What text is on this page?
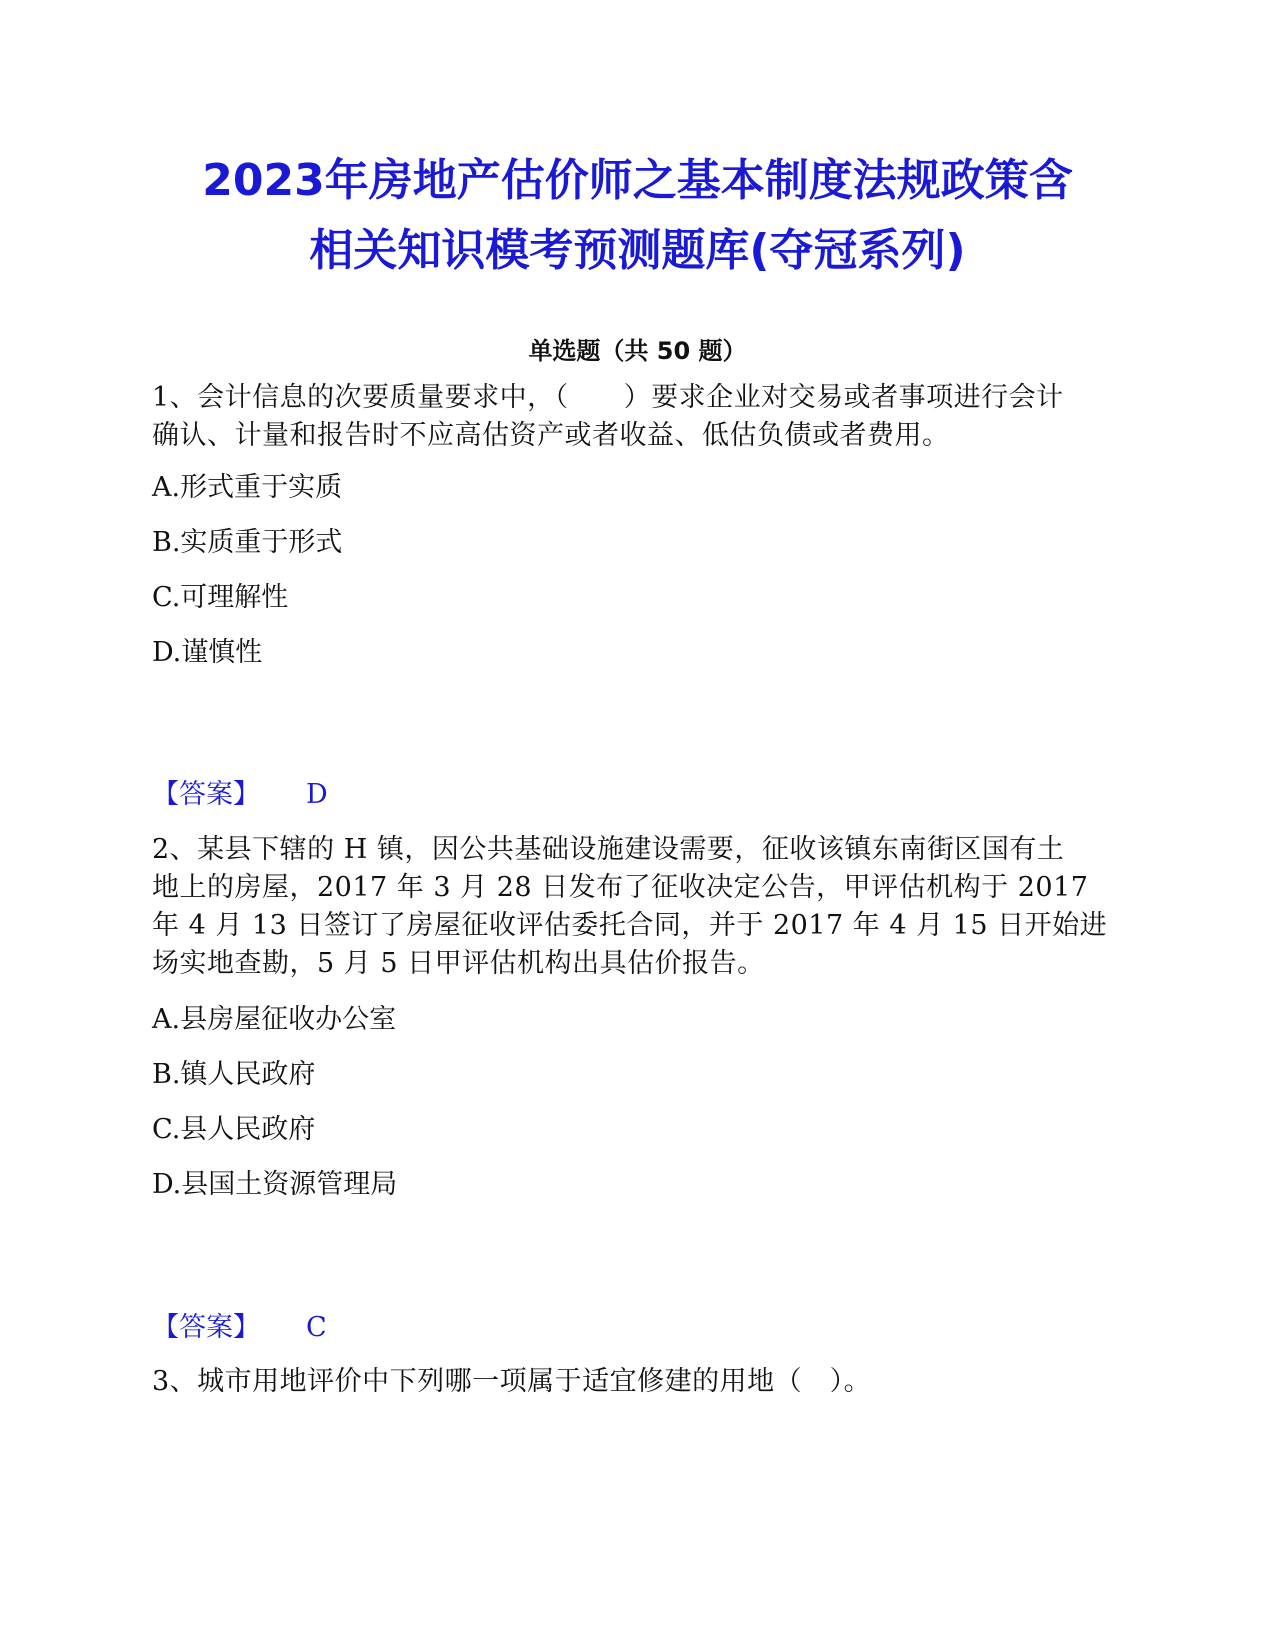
2023年房地产估价师之基本制度法规政策含
相关知识模考预测题库(夺冠系列)
单选题（共 50 题）
1、会计信息的次要质量要求中，（　　）要求企业对交易或者事项进行会计
确认、计量和报告时不应高估资产或者收益、低估负债或者费用。
A.形式重于实质
B.实质重于形式
C.可理解性
D.谨慎性
【答案】 D
2、某县下辖的 H 镇，因公共基础设施建设需要，征收该镇东南街区国有土
地上的房屋，2017 年 3 月 28 日发布了征收决定公告，甲评估机构于 2017
年 4 月 13 日签订了房屋征收评估委托合同，并于 2017 年 4 月 15 日开始进
场实地查勘，5 月 5 日甲评估机构出具估价报告。
A.县房屋征收办公室
B.镇人民政府
C.县人民政府
D.县国土资源管理局
【答案】 C
3、城市用地评价中下列哪一项属于适宜修建的用地（　）。
